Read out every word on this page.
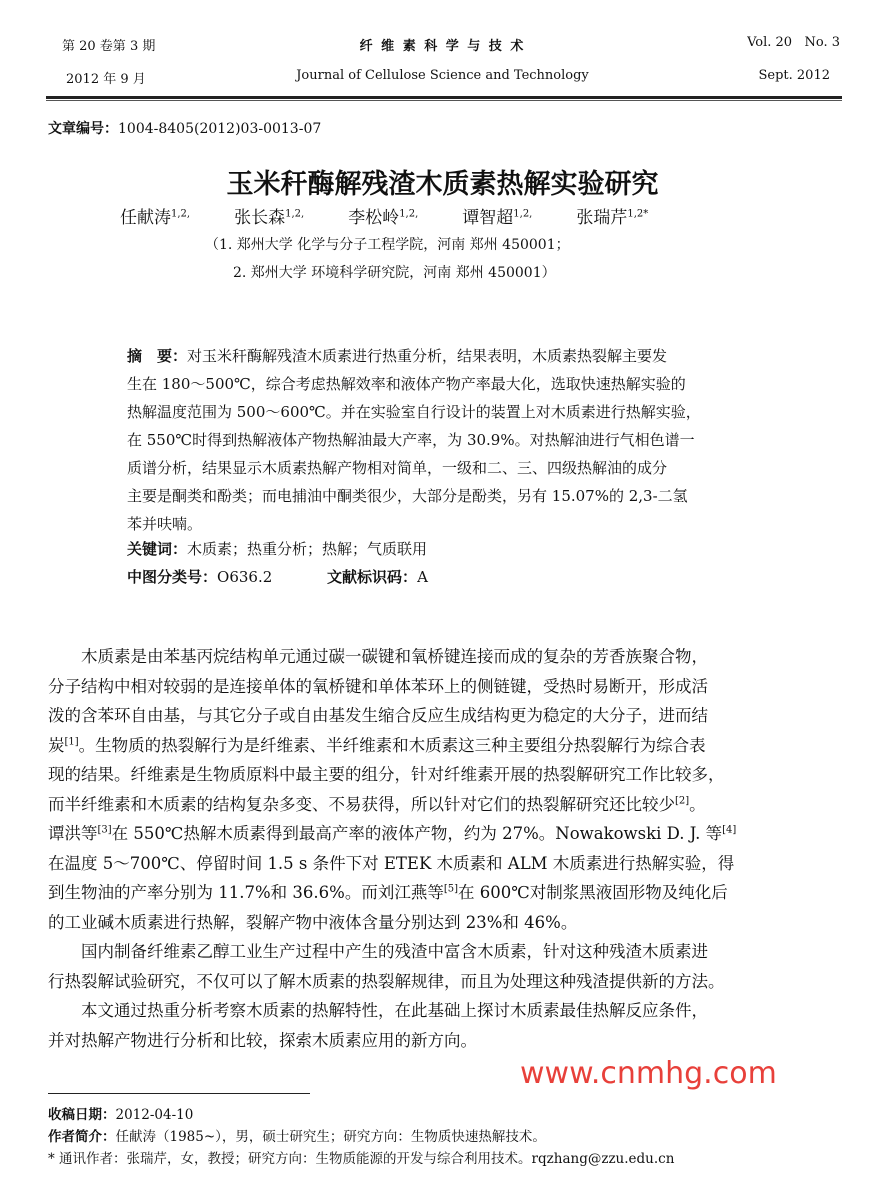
第 20 卷第 3 期
2012 年 9 月
纤 维 素 科 学 与 技 术
Journal of Cellulose Science and Technology
Vol. 20   No. 3
Sept. 2012
文章编号：1004-8405(2012)03-0013-07
玉米秆酶解残渣木质素热解实验研究
任献涛$^{1,2,}$	张长森$^{1,2,}$	李松岭$^{1,2,}$	谭智超$^{1,2,}$	张瑞芹$^{1,2*}$
（1. 郑州大学 化学与分子工程学院，河南 郑州 450001；
2. 郑州大学 环境科学研究院，河南 郑州 450001）
摘　要：对玉米秆酶解残渣木质素进行热重分析，结果表明，木质素热裂解主要发
生在 180～500℃，综合考虑热解效率和液体产物产率最大化，选取快速热解实验的
热解温度范围为 500～600℃。并在实验室自行设计的装置上对木质素进行热解实验，
在 550℃时得到热解液体产物热解油最大产率，为 30.9%。对热解油进行气相色谱一
质谱分析，结果显示木质素热解产物相对简单，一级和二、三、四级热解油的成分
主要是酮类和酚类；而电捕油中酮类很少，大部分是酚类，另有 15.07%的 2,3-二氢
苯并呋喃。
关键词：木质素；热重分析；热解；气质联用
中图分类号：O636.2	文献标识码：A
　　木质素是由苯基丙烷结构单元通过碳一碳键和氧桥键连接而成的复杂的芳香族聚合物，
分子结构中相对较弱的是连接单体的氧桥键和单体苯环上的侧链键，受热时易断开，形成活
泼的含苯环自由基，与其它分子或自由基发生缩合反应生成结构更为稳定的大分子，进而结
炭[1]。生物质的热裂解行为是纤维素、半纤维素和木质素这三种主要组分热裂解行为综合表
现的结果。纤维素是生物质原料中最主要的组分，针对纤维素开展的热裂解研究工作比较多，
而半纤维素和木质素的结构复杂多变、不易获得，所以针对它们的热裂解研究还比较少[2]。
谭洪等[3]在 550℃热解木质素得到最高产率的液体产物，约为 27%。Nowakowski D. J. 等[4]
在温度 5～700℃、停留时间 1.5 s 条件下对 ETEK 木质素和 ALM 木质素进行热解实验，得
到生物油的产率分别为 11.7%和 36.6%。而刘江燕等[5]在 600℃对制浆黑液固形物及纯化后
的工业碱木质素进行热解，裂解产物中液体含量分别达到 23%和 46%。
　　国内制备纤维素乙醇工业生产过程中产生的残渣中富含木质素，针对这种残渣木质素进
行热裂解试验研究，不仅可以了解木质素的热裂解规律，而且为处理这种残渣提供新的方法。
　　本文通过热重分析考察木质素的热解特性，在此基础上探讨木质素最佳热解反应条件，
并对热解产物进行分析和比较，探索木质素应用的新方向。
www.cnmhg.com
收稿日期：2012-04-10
作者简介：任献涛（1985~），男，硕士研究生；研究方向：生物质快速热解技术。
* 通讯作者：张瑞芹，女，教授；研究方向：生物质能源的开发与综合利用技术。rqzhang@zzu.edu.cn
